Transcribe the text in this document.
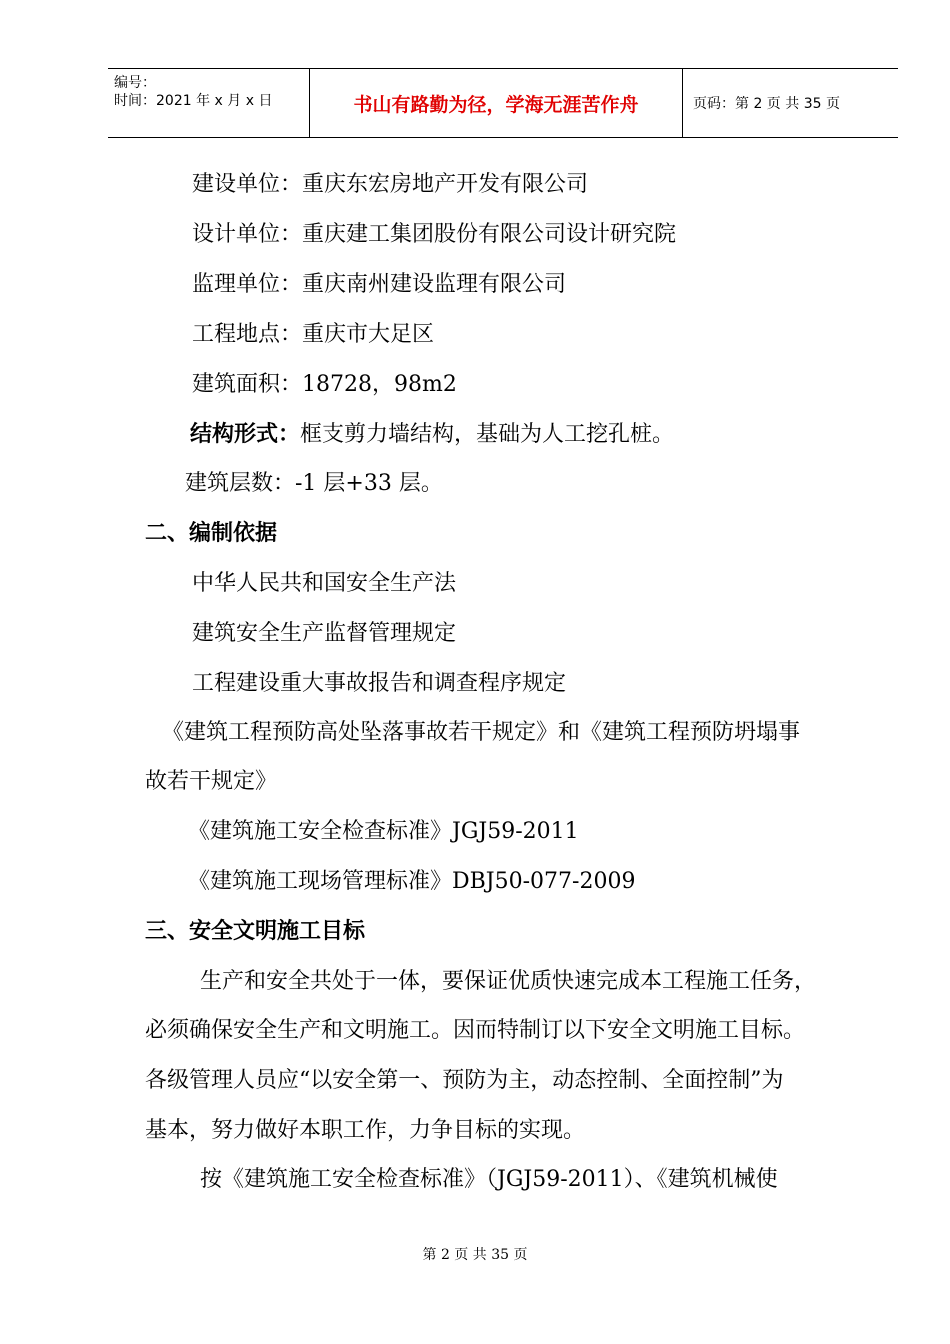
编号：
时间：2021 年 x 月 x 日	书山有路勤为径，学海无涯苦作舟	页码：第 2 页 共 35 页
建设单位：重庆东宏房地产开发有限公司
设计单位：重庆建工集团股份有限公司设计研究院
监理单位：重庆南州建设监理有限公司
工程地点：重庆市大足区
建筑面积：18728，98m2
结构形式：框支剪力墙结构，基础为人工挖孔桩。
建筑层数：-1 层+33 层。
二、编制依据
中华人民共和国安全生产法
建筑安全生产监督管理规定
工程建设重大事故报告和调查程序规定
《建筑工程预防高处坠落事故若干规定》和《建筑工程预防坍塌事
故若干规定》
《建筑施工安全检查标准》JGJ59-2011
《建筑施工现场管理标准》DBJ50-077-2009
三、安全文明施工目标
生产和安全共处于一体，要保证优质快速完成本工程施工任务，
必须确保安全生产和文明施工。因而特制订以下安全文明施工目标。
各级管理人员应“以安全第一、预防为主，动态控制、全面控制”为
基本，努力做好本职工作，力争目标的实现。
按《建筑施工安全检查标准》（JGJ59-2011）、《建筑机械使
第 2 页 共 35 页
